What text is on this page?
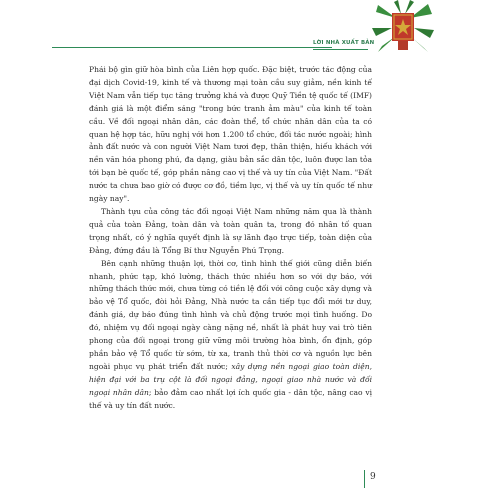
LỜI NHÀ XUẤT BẢN

Phái bộ gìn giữ hòa bình của Liên hợp quốc. Đặc biệt, trước tác động của đại dịch Covid-19, kinh tế và thương mại toàn cầu suy giảm, nền kinh tế Việt Nam vẫn tiếp tục tăng trưởng khá và được Quỹ Tiền tệ quốc tế (IMF) đánh giá là một điểm sáng "trong bức tranh ảm màu" của kinh tế toàn cầu. Về đối ngoại nhân dân, các đoàn thể, tổ chức nhân dân của ta có quan hệ hợp tác, hữu nghị với hơn 1.200 tổ chức, đối tác nước ngoài; hình ảnh đất nước và con người Việt Nam tươi đẹp, thân thiện, hiếu khách với nền văn hóa phong phú, đa dạng, giàu bản sắc dân tộc, luôn được lan tỏa tới bạn bè quốc tế, góp phần nâng cao vị thế và uy tín của Việt Nam. "Đất nước ta chưa bao giờ có được cơ đồ, tiềm lực, vị thế và uy tín quốc tế như ngày nay".

Thành tựu của công tác đối ngoại Việt Nam những năm qua là thành quả của toàn Đảng, toàn dân và toàn quân ta, trong đó nhân tố quan trọng nhất, có ý nghĩa quyết định là sự lãnh đạo trực tiếp, toàn diện của Đảng, đứng đầu là Tổng Bí thư Nguyễn Phú Trọng.

Bên cạnh những thuận lợi, thời cơ, tình hình thế giới cũng diễn biến nhanh, phức tạp, khó lường, thách thức nhiều hơn so với dự báo, với những thách thức mới, chưa từng có tiền lệ đối với công cuộc xây dựng và bảo vệ Tổ quốc, đòi hỏi Đảng, Nhà nước ta cần tiếp tục đổi mới tư duy, đánh giá, dự báo đúng tình hình và chủ động trước mọi tình huống. Do đó, nhiệm vụ đối ngoại ngày càng nặng nề, nhất là phát huy vai trò tiên phong của đối ngoại trong giữ vững môi trường hòa bình, ổn định, góp phần bảo vệ Tổ quốc từ sớm, từ xa, tranh thủ thời cơ và nguồn lực bên ngoài phục vụ phát triển đất nước; xây dựng nền ngoại giao toàn diện, hiện đại với ba trụ cột là đối ngoại đảng, ngoại giao nhà nước và đối ngoại nhân dân; bảo đảm cao nhất lợi ích quốc gia - dân tộc, nâng cao vị thế và uy tín đất nước.

9
